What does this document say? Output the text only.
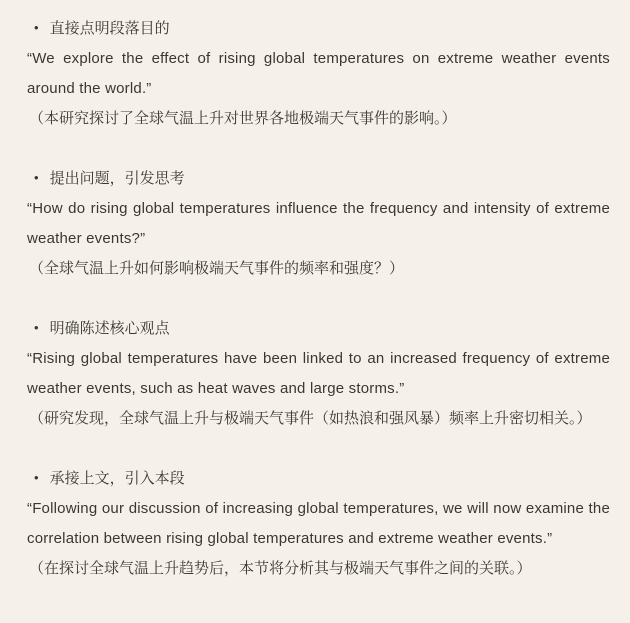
• 直接点明段落目的

“We explore the effect of rising global temperatures on extreme weather events around the world.”

（本研究探讨了全球气温上升对世界各地极端天气事件的影响。）

• 提出问题，引发思考

“How do rising global temperatures influence the frequency and intensity of extreme weather events?”

（全球气温上升如何影响极端天气事件的频率和强度？）

• 明确陈述核心观点

“Rising global temperatures have been linked to an increased frequency of extreme weather events, such as heat waves and large storms.”

（研究发现，全球气温上升与极端天气事件（如热浪和强风暴）频率上升密切相关。）

• 承接上文，引入本段

“Following our discussion of increasing global temperatures, we will now examine the correlation between rising global temperatures and extreme weather events.”

（在探讨全球气温上升趋势后，本节将分析其与极端天气事件之间的关联。）
